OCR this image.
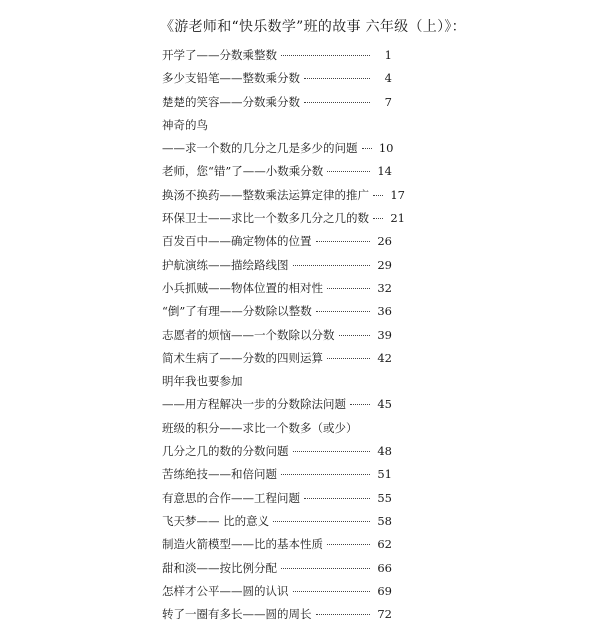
《游老师和“快乐数学”班的故事 六年级（上）》：
开学了——分数乘整数	1
多少支铅笔——整数乘分数	4
楚楚的笑容——分数乘分数	7
神奇的鸟
——求一个数的几分之几是多少的问题 10
老师，您“错”了——小数乘分数	14
换汤不换药——整数乘法运算定律的推广 17
环保卫士——求比一个数多几分之几的数 21
百发百中——确定物体的位置	26
护航演练——描绘路线图	29
小兵抓贼——物体位置的相对性	32
“倒”了有理——分数除以整数	36
志愿者的烦恼——一个数除以分数	39
简术生病了——分数的四则运算	42
明年我也要参加
——用方程解决一步的分数除法问题	45
班级的积分——求比一个数多（或少）
几分之几的数的分数问题	48
苦练绝技——和倍问题	51
有意思的合作——工程问题	55
飞天梦—— 比的意义	58
制造火箭模型——比的基本性质	62
甜和淡——按比例分配	66
怎样才公平——圆的认识	69
转了一圈有多长——圆的周长	72
